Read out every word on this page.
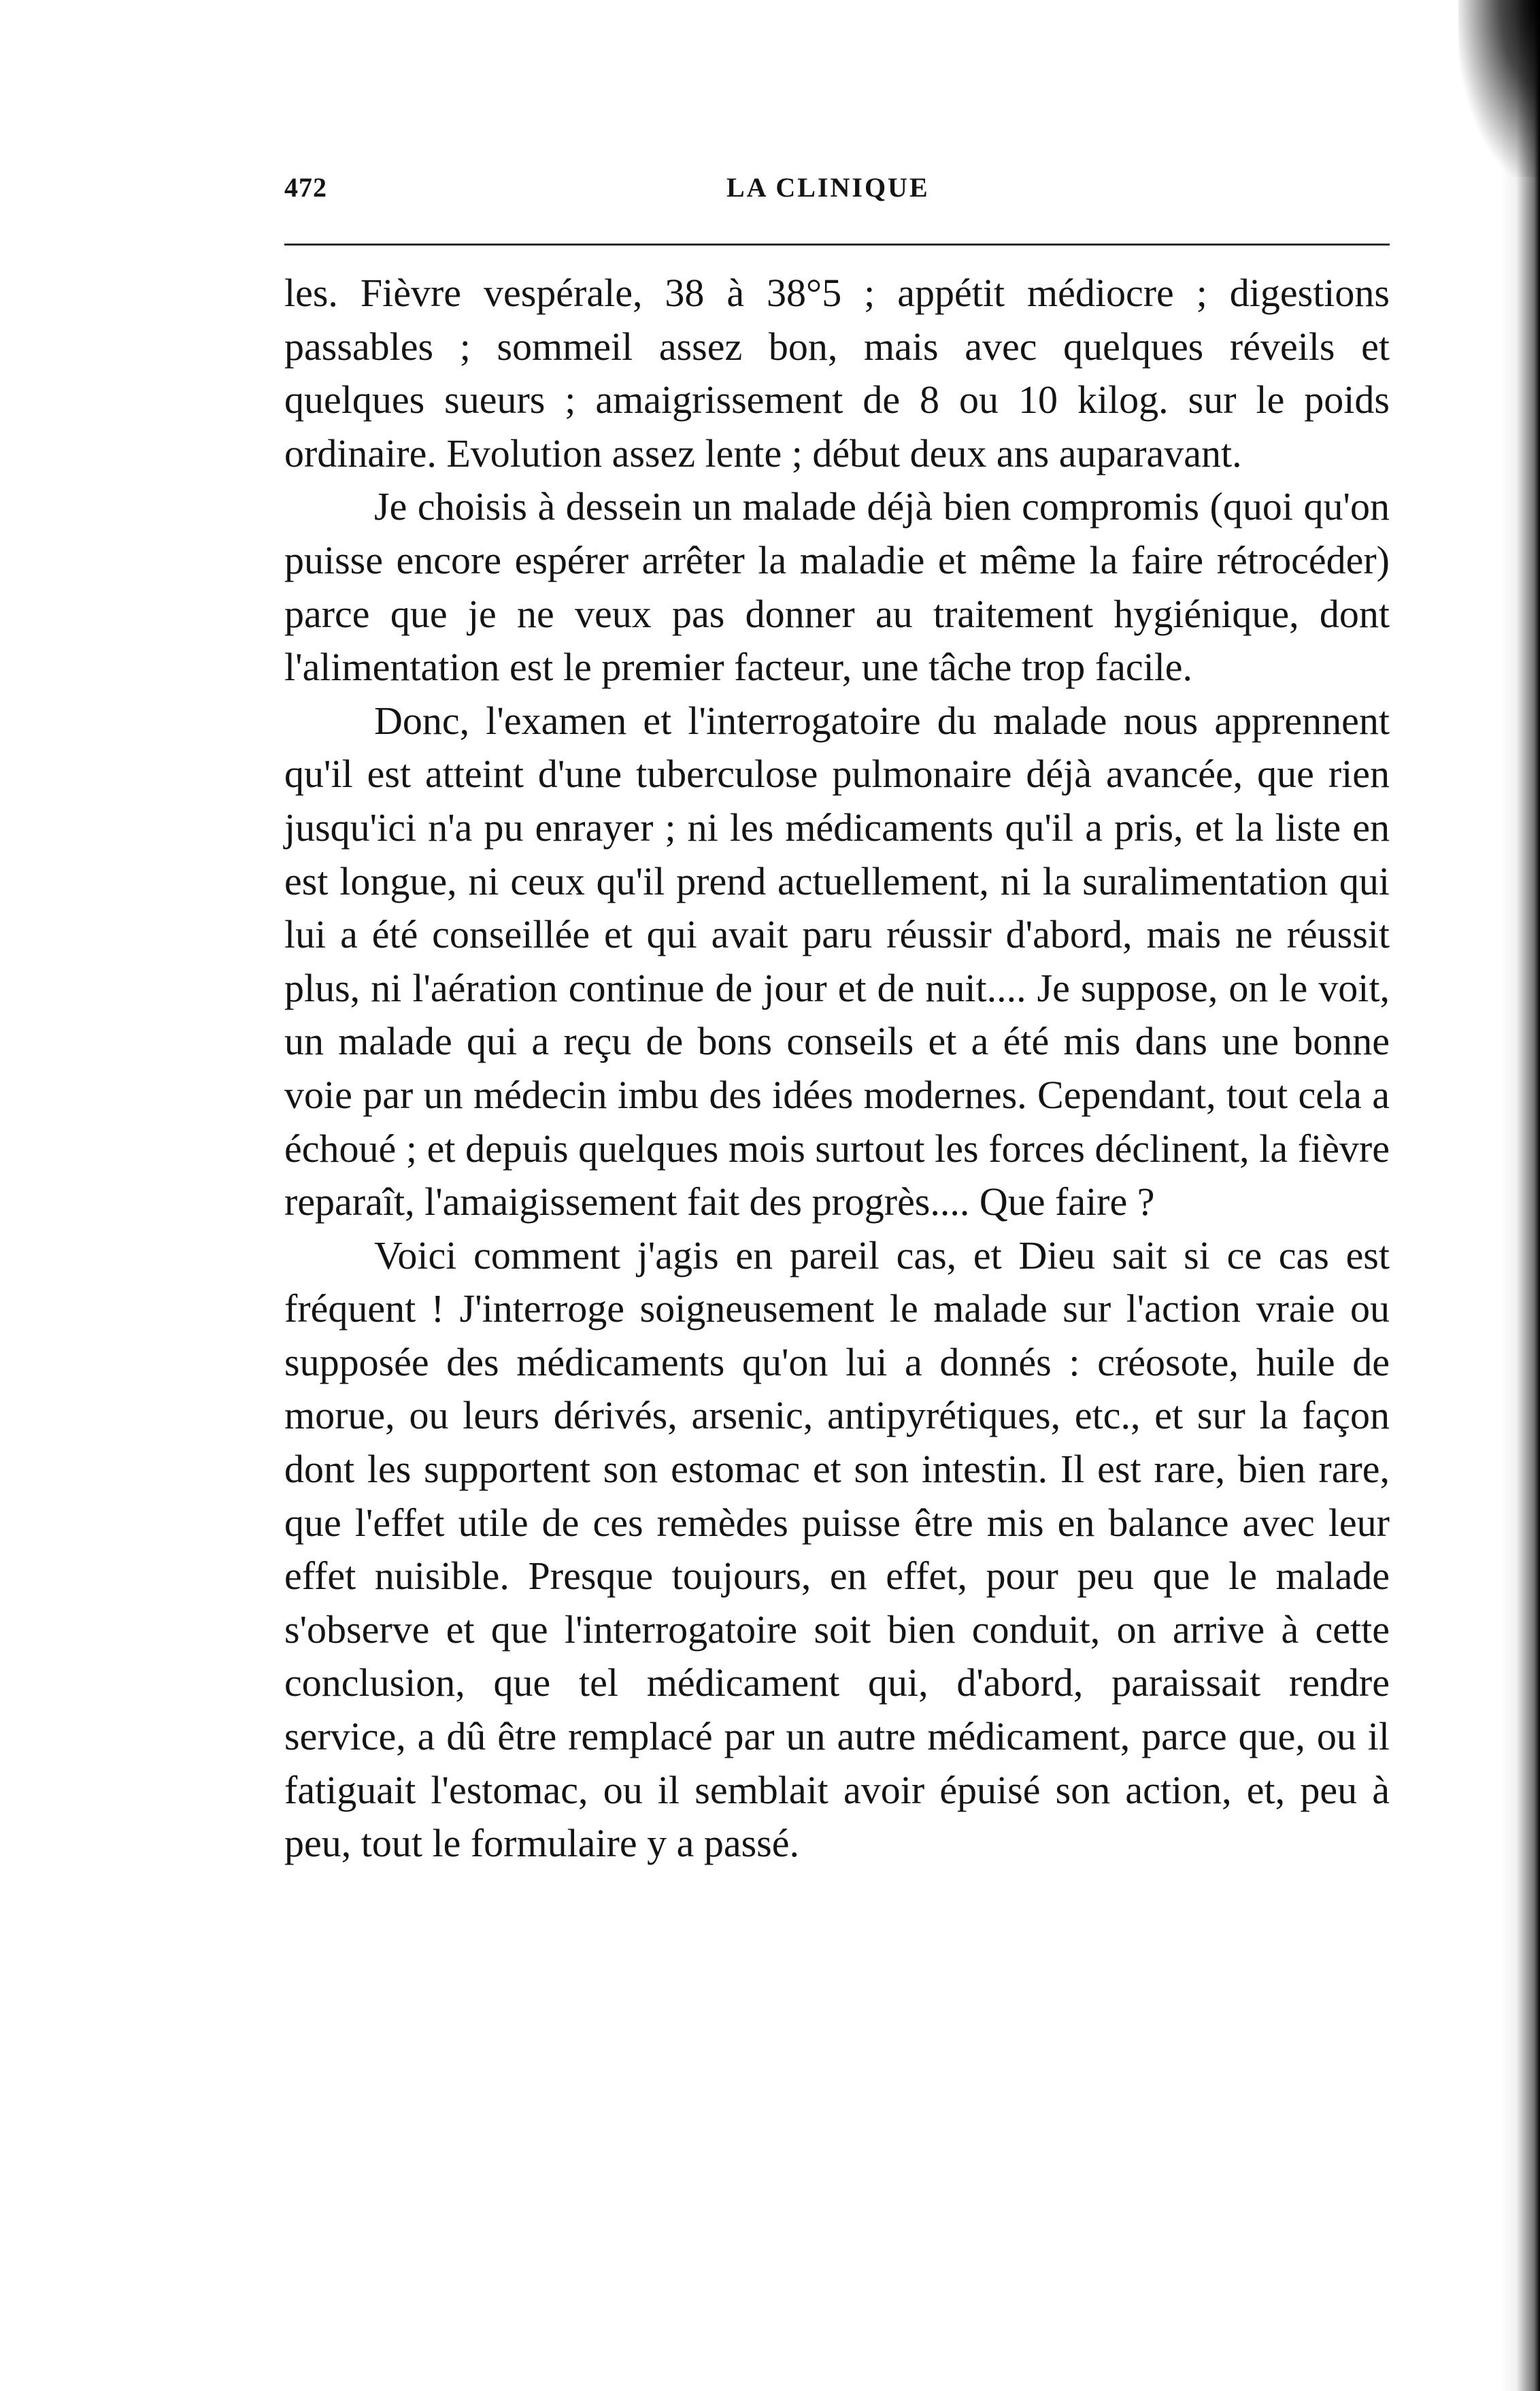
472	LA CLINIQUE

les. Fièvre vespérale, 38 à 38°5 ; appétit médiocre ; digestions passables ; sommeil assez bon, mais avec quelques réveils et quelques sueurs ; amaigrissement de 8 ou 10 kilog. sur le poids ordinaire. Evolution assez lente ; début deux ans auparavant.

Je choisis à dessein un malade déjà bien compromis (quoi qu'on puisse encore espérer arrêter la maladie et même la faire rétrocéder) parce que je ne veux pas donner au traitement hygiénique, dont l'alimentation est le premier facteur, une tâche trop facile.

Donc, l'examen et l'interrogatoire du malade nous apprennent qu'il est atteint d'une tuberculose pulmonaire déjà avancée, que rien jusqu'ici n'a pu enrayer ; ni les médicaments qu'il a pris, et la liste en est longue, ni ceux qu'il prend actuellement, ni la suralimentation qui lui a été conseillée et qui avait paru réussir d'abord, mais ne réussit plus, ni l'aération continue de jour et de nuit.... Je suppose, on le voit, un malade qui a reçu de bons conseils et a été mis dans une bonne voie par un médecin imbu des idées modernes. Cependant, tout cela a échoué ; et depuis quelques mois surtout les forces déclinent, la fièvre reparaît, l'amaigissement fait des progrès.... Que faire ?

Voici comment j'agis en pareil cas, et Dieu sait si ce cas est fréquent ! J'interroge soigneusement le malade sur l'action vraie ou supposée des médicaments qu'on lui a donnés : créosote, huile de morue, ou leurs dérivés, arsenic, antipyrétiques, etc., et sur la façon dont les supportent son estomac et son intestin. Il est rare, bien rare, que l'effet utile de ces remèdes puisse être mis en balance avec leur effet nuisible. Presque toujours, en effet, pour peu que le malade s'observe et que l'interrogatoire soit bien conduit, on arrive à cette conclusion, que tel médicament qui, d'abord, paraissait rendre service, a dû être remplacé par un autre médicament, parce que, ou il fatiguait l'estomac, ou il semblait avoir épuisé son action, et, peu à peu, tout le formulaire y a passé.
